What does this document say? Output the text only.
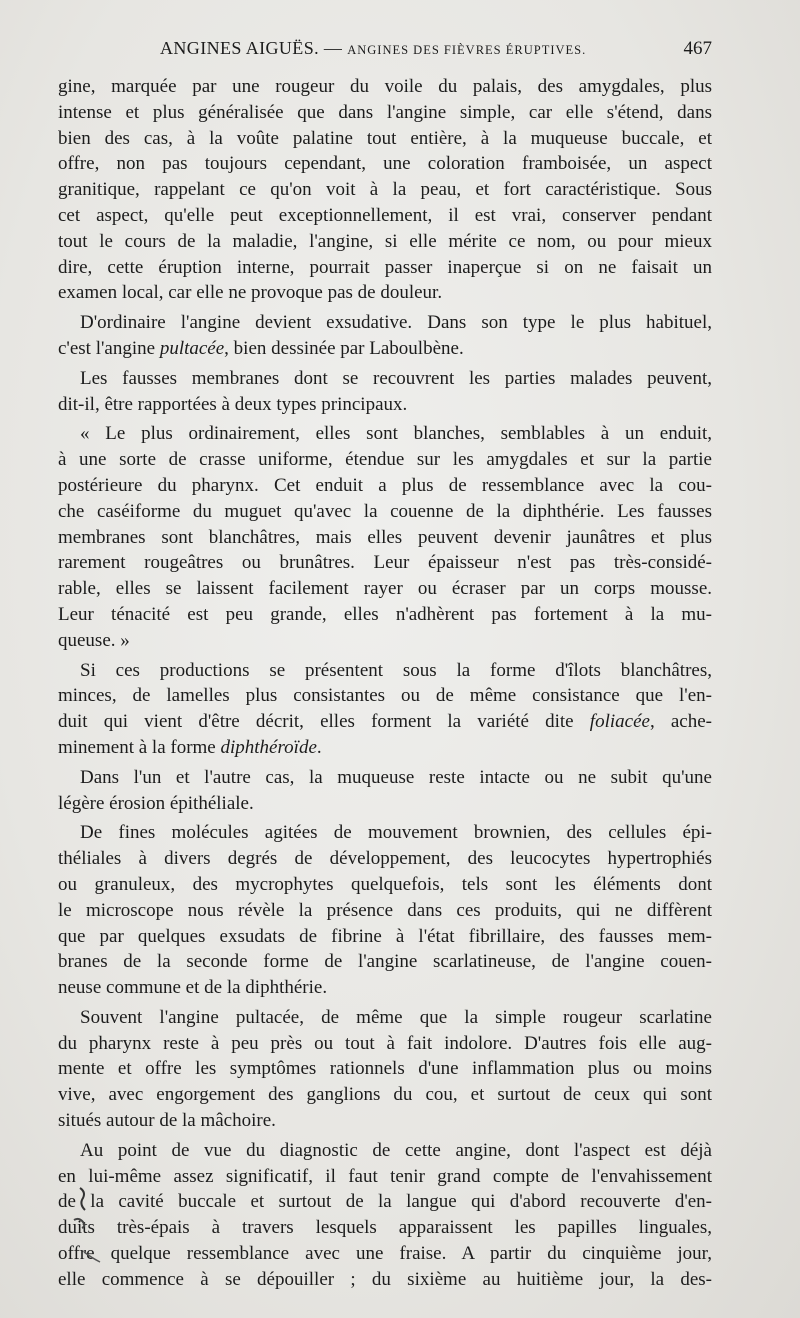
ANGINES AIGUËS. — ANGINES DES FIÈVRES ÉRUPTIVES.	467
gine, marquée par une rougeur du voile du palais, des amygdales, plus
intense et plus généralisée que dans l'angine simple, car elle s'étend, dans
bien des cas, à la voûte palatine tout entière, à la muqueuse buccale, et
offre, non pas toujours cependant, une coloration framboisée, un aspect
granitique, rappelant ce qu'on voit à la peau, et fort caractéristique. Sous
cet aspect, qu'elle peut exceptionnellement, il est vrai, conserver pendant
tout le cours de la maladie, l'angine, si elle mérite ce nom, ou pour mieux
dire, cette éruption interne, pourrait passer inaperçue si on ne faisait un
examen local, car elle ne provoque pas de douleur.
D'ordinaire l'angine devient exsudative. Dans son type le plus habituel,
c'est l'angine pultacée, bien dessinée par Laboulbène.
Les fausses membranes dont se recouvrent les parties malades peuvent,
dit-il, être rapportées à deux types principaux.
« Le plus ordinairement, elles sont blanches, semblables à un enduit,
à une sorte de crasse uniforme, étendue sur les amygdales et sur la partie
postérieure du pharynx. Cet enduit a plus de ressemblance avec la cou-
che caséiforme du muguet qu'avec la couenne de la diphthérie. Les fausses
membranes sont blanchâtres, mais elles peuvent devenir jaunâtres et plus
rarement rougeâtres ou brunâtres. Leur épaisseur n'est pas très-considé-
rable, elles se laissent facilement rayer ou écraser par un corps mousse.
Leur ténacité est peu grande, elles n'adhèrent pas fortement à la mu-
queuse. »
Si ces productions se présentent sous la forme d'îlots blanchâtres,
minces, de lamelles plus consistantes ou de même consistance que l'en-
duit qui vient d'être décrit, elles forment la variété dite foliacée, ache-
minement à la forme diphthéroïde.
Dans l'un et l'autre cas, la muqueuse reste intacte ou ne subit qu'une
légère érosion épithéliale.
De fines molécules agitées de mouvement brownien, des cellules épi-
théliales à divers degrés de développement, des leucocytes hypertrophiés
ou granuleux, des mycrophytes quelquefois, tels sont les éléments dont
le microscope nous révèle la présence dans ces produits, qui ne diffèrent
que par quelques exsudats de fibrine à l'état fibrillaire, des fausses mem-
branes de la seconde forme de l'angine scarlatineuse, de l'angine couen-
neuse commune et de la diphthérie.
Souvent l'angine pultacée, de même que la simple rougeur scarlatine
du pharynx reste à peu près ou tout à fait indolore. D'autres fois elle aug-
mente et offre les symptômes rationnels d'une inflammation plus ou moins
vive, avec engorgement des ganglions du cou, et surtout de ceux qui sont
situés autour de la mâchoire.
Au point de vue du diagnostic de cette angine, dont l'aspect est déjà
en lui-même assez significatif, il faut tenir grand compte de l'envahissement
de la cavité buccale et surtout de la langue qui d'abord recouverte d'en-
duits très-épais à travers lesquels apparaissent les papilles linguales,
offre quelque ressemblance avec une fraise. A partir du cinquième jour,
elle commence à se dépouiller ; du sixième au huitième jour, la des-
